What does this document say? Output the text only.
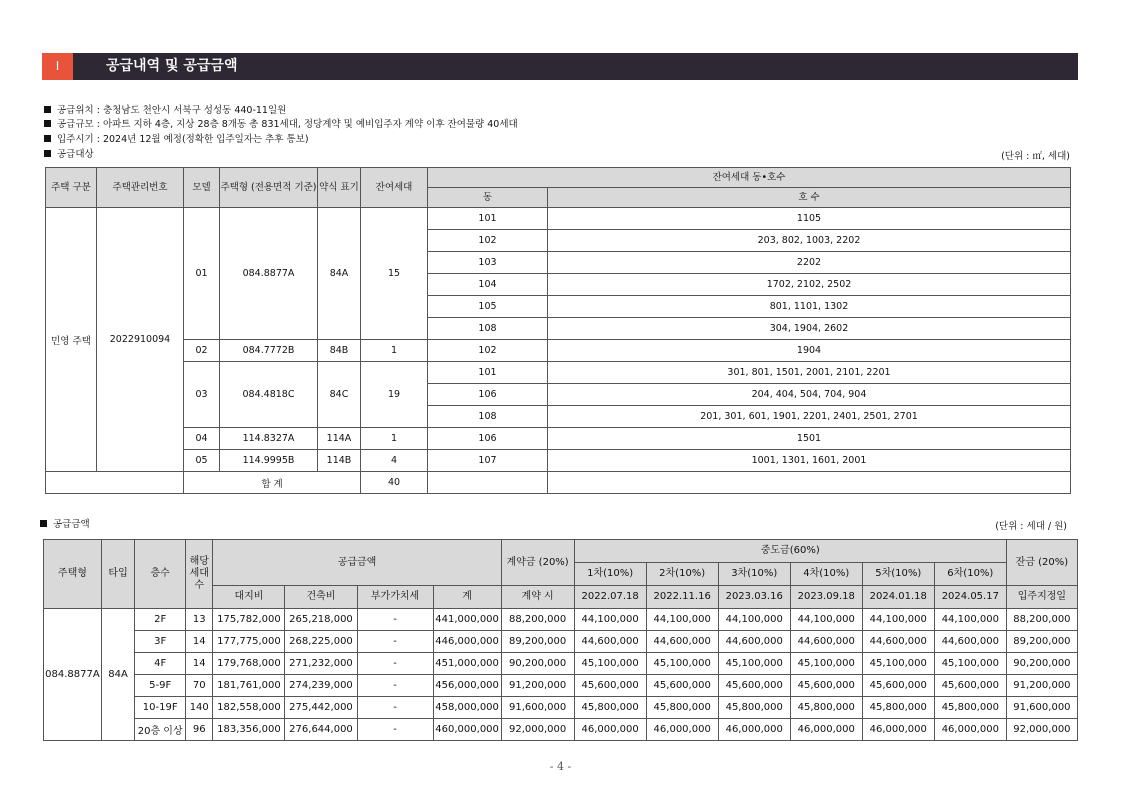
Ⅰ	공급내역 및 공급금액
공급위치 : 충청남도 천안시 서북구 성성동 440-11일원
공급규모 : 아파트 지하 4층, 지상 28층 8개동 총 831세대, 정당계약 및 예비입주자 계약 이후 잔여물량 40세대
입주시기 : 2024년 12월 예정(정확한 입주일자는 추후 통보)
공급대상	(단위 : ㎡, 세대)
주택 구분	주택관리번호	모델	주택형 (전용면적 기준)	약식 표기	잔여세대	잔여세대 동•호수	
						동	호 수
민영 주택	2022910094	01	084.8877A	84A	15	101	1105
						102	203, 802, 1003, 2202
						103	2202
						104	1702, 2102, 2502
						105	801, 1101, 1302
						108	304, 1904, 2602
		02	084.7772B	84B	1	102	1904
		03	084.4818C	84C	19	101	301, 801, 1501, 2001, 2101, 2201
						106	204, 404, 504, 704, 904
						108	201, 301, 601, 1901, 2201, 2401, 2501, 2701
		04	114.8327A	114A	1	106	1501
		05	114.9995B	114B	4	107	1001, 1301, 1601, 2001
		합 계			40		
공급금액	(단위 : 세대 / 원)
주택형	타입	층수	해당 세대수	공급금액				계약금 (20%)	중도금(60%)						잔금 (20%)
									1차(10%)	2차(10%)	3차(10%)	4차(10%)	5차(10%)	6차(10%)	
				대지비	건축비	부가가치세	계	계약 시	2022.07.18	2022.11.16	2023.03.16	2023.09.18	2024.01.18	2024.05.17	입주지정일
084.8877A	84A	2F	13	175,782,000	265,218,000	-	441,000,000	88,200,000	44,100,000	44,100,000	44,100,000	44,100,000	44,100,000	44,100,000	88,200,000
		3F	14	177,775,000	268,225,000	-	446,000,000	89,200,000	44,600,000	44,600,000	44,600,000	44,600,000	44,600,000	44,600,000	89,200,000
		4F	14	179,768,000	271,232,000	-	451,000,000	90,200,000	45,100,000	45,100,000	45,100,000	45,100,000	45,100,000	45,100,000	90,200,000
		5-9F	70	181,761,000	274,239,000	-	456,000,000	91,200,000	45,600,000	45,600,000	45,600,000	45,600,000	45,600,000	45,600,000	91,200,000
		10-19F	140	182,558,000	275,442,000	-	458,000,000	91,600,000	45,800,000	45,800,000	45,800,000	45,800,000	45,800,000	45,800,000	91,600,000
		20층 이상	96	183,356,000	276,644,000	-	460,000,000	92,000,000	46,000,000	46,000,000	46,000,000	46,000,000	46,000,000	46,000,000	92,000,000
- 4 -
